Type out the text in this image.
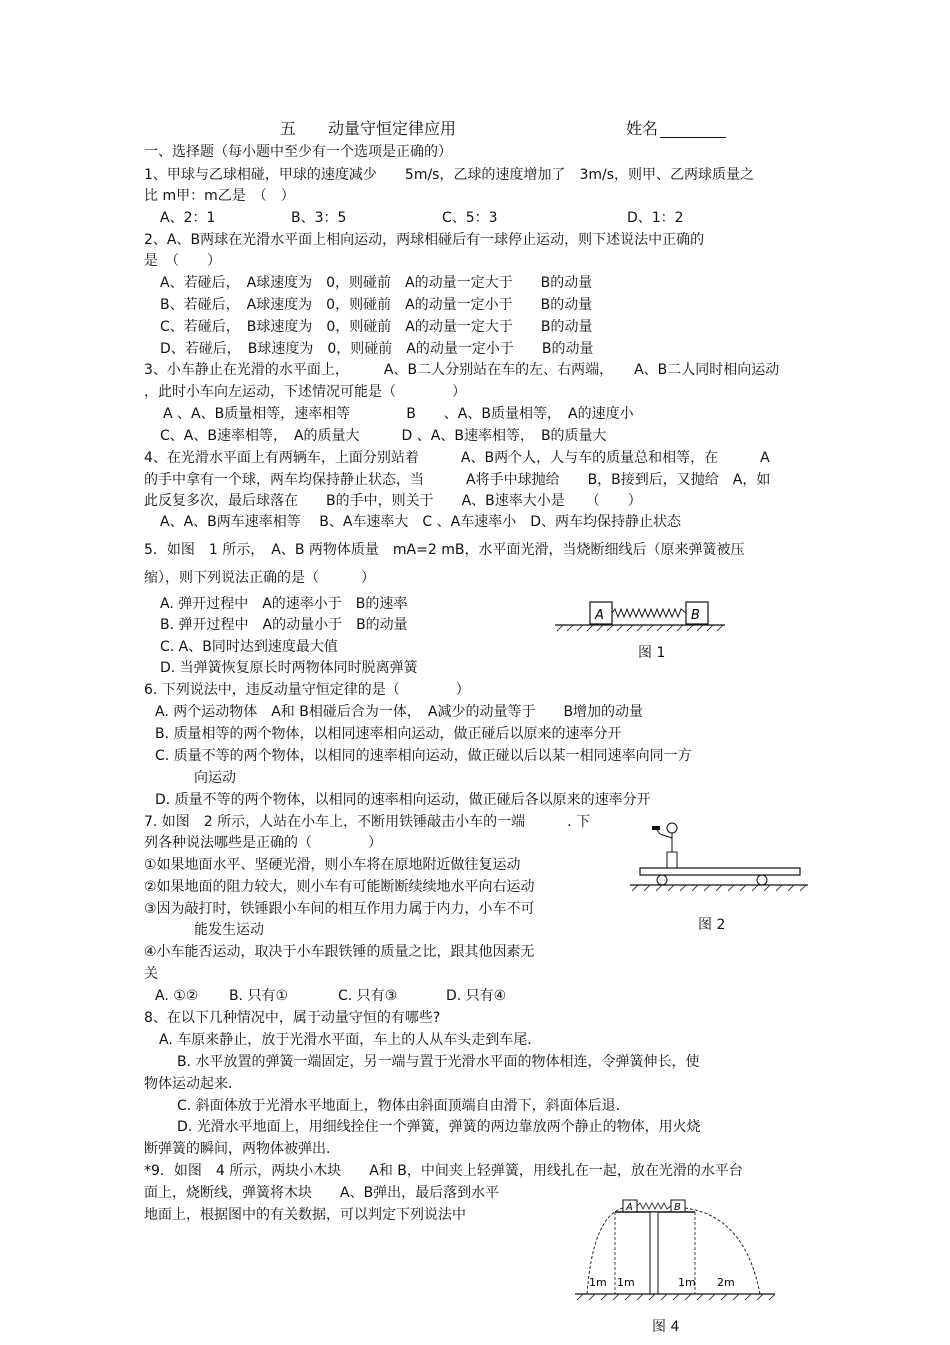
五　　动量守恒定律应用	姓名
一、选择题（每小题中至少有一个选项是正确的）
1、甲球与乙球相碰，甲球的速度减少　　5m/s，乙球的速度增加了　3m/s，则甲、乙两球质量之
比 m甲：m乙是　（　）
A、2：1	B、3：5	C、5：3	D、1：2
2、A、B两球在光滑水平面上相向运动，两球相碰后有一球停止运动，则下述说法中正确的
是　（　　）
A、若碰后，　A球速度为　0，则碰前　A的动量一定大于　　B的动量
B、若碰后，　A球速度为　0，则碰前　A的动量一定小于　　B的动量
C、若碰后，　B球速度为　0，则碰前　A的动量一定大于　　B的动量
D、若碰后，　B球速度为　0，则碰前　A的动量一定小于　　B的动量
3、小车静止在光滑的水平面上，　　　A、B二人分别站在车的左、右两端，　　A、B二人同时相向运动
，此时小车向左运动，下述情况可能是（　　　　）
A 、A、B质量相等，速率相等　　　　B　　、A、B质量相等，　A的速度小
C、A、B速率相等，　A的质量大　　　D 、A、B速率相等，　B的质量大
4、在光滑水平面上有两辆车，上面分别站着　　　A、B两个人，人与车的质量总和相等，在　　　A
的手中拿有一个球，两车均保持静止状态，当　　　A将手中球抛给　　B，B接到后，又抛给　A，如
此反复多次，最后球落在　　B的手中，则关于　　A、B速率大小是　　（　　）
A、A、B两车速率相等　 B、A车速率大　C 、A车速率小　D、两车均保持静止状态
5．如图　1 所示，　A、B 两物体质量　mA=2 mB，水平面光滑，当烧断细线后（原来弹簧被压
缩），则下列说法正确的是（　　　）
A. 弹开过程中　A的速率小于　B的速率
B. 弹开过程中　A的动量小于　B的动量
C. A、B同时达到速度最大值
D. 当弹簧恢复原长时两物体同时脱离弹簧
A	B
图 1
6. 下列说法中，违反动量守恒定律的是（　　　　）
A. 两个运动物体　A和 B相碰后合为一体，　A减少的动量等于　　B增加的动量
B. 质量相等的两个物体，以相同速率相向运动，做正碰后以原来的速率分开
C. 质量不等的两个物体，以相同的速率相向运动，做正碰以后以某一相同速率向同一方
向运动
D. 质量不等的两个物体，以相同的速率相向运动，做正碰后各以原来的速率分开
7. 如图　2 所示，人站在小车上，不断用铁锤敲击小车的一端　　　. 下
列各种说法哪些是正确的（　　　　）
①如果地面水平、坚硬光滑，则小车将在原地附近做往复运动
②如果地面的阻力较大，则小车有可能断断续续地水平向右运动
③因为敲打时，铁锤跟小车间的相互作用力属于内力，小车不可
能发生运动
④小车能否运动，取决于小车跟铁锤的质量之比，跟其他因素无
关
A. ①② B. 只有①	C. 只有③	D. 只有④
图 2
8、在以下几种情况中，属于动量守恒的有哪些?
A. 车原来静止，放于光滑水平面，车上的人从车头走到车尾.
B. 水平放置的弹簧一端固定，另一端与置于光滑水平面的物体相连，令弹簧伸长，使
物体运动起来.
C. 斜面体放于光滑水平地面上，物体由斜面顶端自由滑下，斜面体后退.
D. 光滑水平地面上，用细线拴住一个弹簧，弹簧的两边靠放两个静止的物体，用火烧
断弹簧的瞬间，两物体被弹出.
*9．如图　4 所示，两块小木块　　A和 B，中间夹上轻弹簧，用线扎在一起，放在光滑的水平台
面上，烧断线，弹簧将木块　　A、B弹出，最后落到水平
地面上，根据图中的有关数据，可以判定下列说法中	A	B
1m 1m	1m 2m
图 4
